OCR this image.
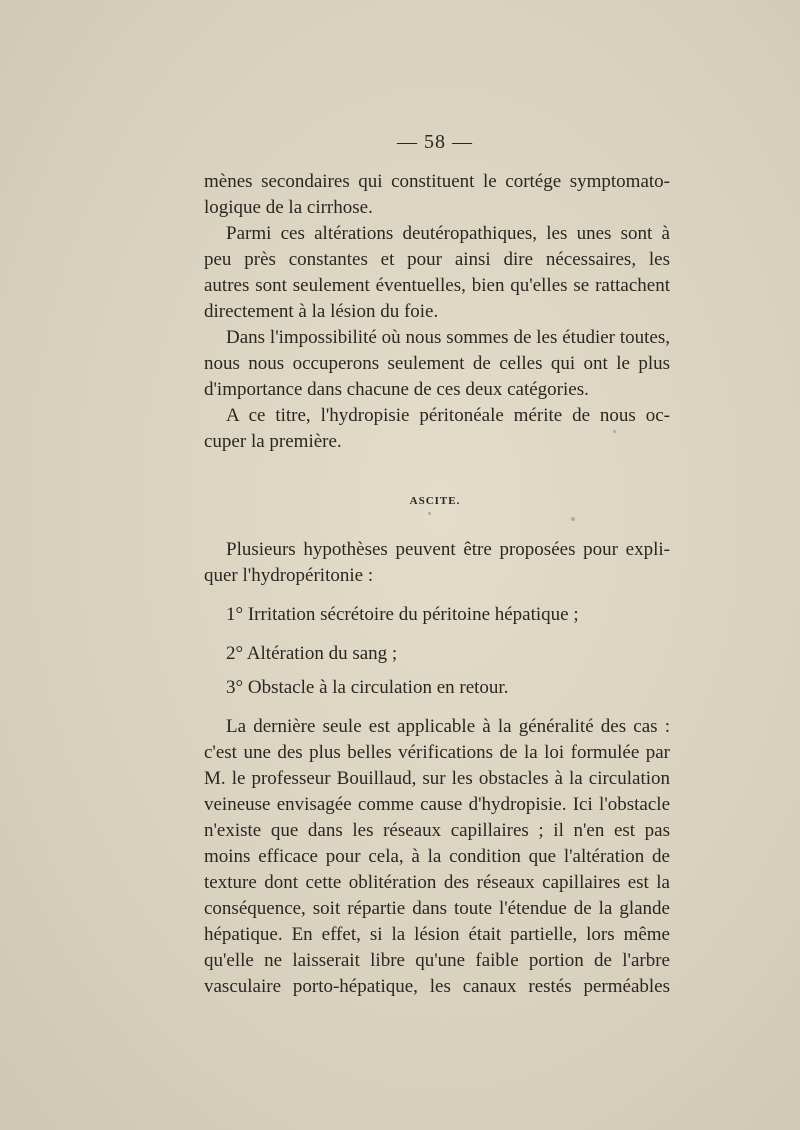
— 58 —
mènes secondaires qui constituent le cortége symptomato-
logique de la cirrhose.
Parmi ces altérations deutéropathiques, les unes sont à
peu près constantes et pour ainsi dire nécessaires, les
autres sont seulement éventuelles, bien qu'elles se rattachent
directement à la lésion du foie.
Dans l'impossibilité où nous sommes de les étudier toutes,
nous nous occuperons seulement de celles qui ont le plus
d'importance dans chacune de ces deux catégories.
A ce titre, l'hydropisie péritonéale mérite de nous oc-
cuper la première.
ASCITE.
Plusieurs hypothèses peuvent être proposées pour expli-
quer l'hydropéritonie :
1° Irritation sécrétoire du péritoine hépatique ;
2° Altération du sang ;
3° Obstacle à la circulation en retour.
La dernière seule est applicable à la généralité des cas :
c'est une des plus belles vérifications de la loi formulée par
M. le professeur Bouillaud, sur les obstacles à la circulation
veineuse envisagée comme cause d'hydropisie. Ici l'obstacle
n'existe que dans les réseaux capillaires ; il n'en est pas
moins efficace pour cela, à la condition que l'altération de
texture dont cette oblitération des réseaux capillaires est la
conséquence, soit répartie dans toute l'étendue de la glande
hépatique. En effet, si la lésion était partielle, lors même
qu'elle ne laisserait libre qu'une faible portion de l'arbre
vasculaire porto-hépatique, les canaux restés perméables
